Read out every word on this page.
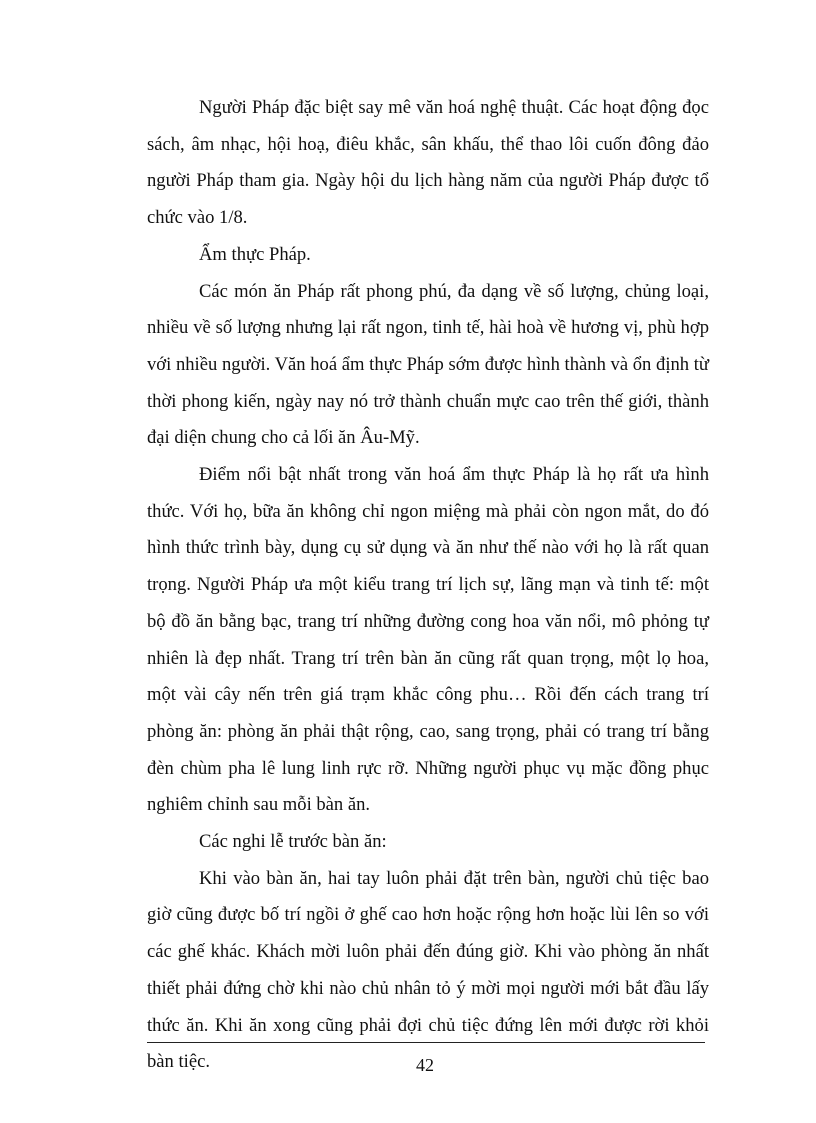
Người Pháp đặc biệt say mê văn hoá nghệ thuật. Các hoạt động đọc sách, âm nhạc, hội hoạ, điêu khắc, sân khấu, thể thao lôi cuốn đông đảo người Pháp tham gia. Ngày hội du lịch hàng năm của người Pháp được tổ chức vào 1/8.

Ẩm thực Pháp.

Các món ăn Pháp rất phong phú, đa dạng về số lượng, chủng loại, nhiều về số lượng nhưng lại rất ngon, tinh tế, hài hoà về hương vị, phù hợp với nhiều người. Văn hoá ẩm thực Pháp sớm được hình thành và ổn định từ thời phong kiến, ngày nay nó trở thành chuẩn mực cao trên thế giới, thành đại diện chung cho cả lối ăn Âu-Mỹ.

Điểm nổi bật nhất trong văn hoá ẩm thực Pháp là họ rất ưa hình thức. Với họ, bữa ăn không chỉ ngon miệng mà phải còn ngon mắt, do đó hình thức trình bày, dụng cụ sử dụng và ăn như thế nào với họ là rất quan trọng. Người Pháp ưa một kiểu trang trí lịch sự, lãng mạn và tinh tế: một bộ đồ ăn bằng bạc, trang trí những đường cong hoa văn nổi, mô phỏng tự nhiên là đẹp nhất. Trang trí trên bàn ăn cũng rất quan trọng, một lọ hoa, một vài cây nến trên giá trạm khắc công phu… Rồi đến cách trang trí phòng ăn: phòng ăn phải thật rộng, cao, sang trọng, phải có trang trí bằng đèn chùm pha lê lung linh rực rỡ. Những người phục vụ mặc đồng phục nghiêm chỉnh sau mỗi bàn ăn.

Các nghi lễ trước bàn ăn:

Khi vào bàn ăn, hai tay luôn phải đặt trên bàn, người chủ tiệc bao giờ cũng được bố trí ngồi ở ghế cao hơn hoặc rộng hơn hoặc lùi lên so với các ghế khác. Khách mời luôn phải đến đúng giờ. Khi vào phòng ăn nhất thiết phải đứng chờ khi nào chủ nhân tỏ ý mời mọi người mới bắt đầu lấy thức ăn. Khi ăn xong cũng phải đợi chủ tiệc đứng lên mới được rời khỏi bàn tiệc.	42
